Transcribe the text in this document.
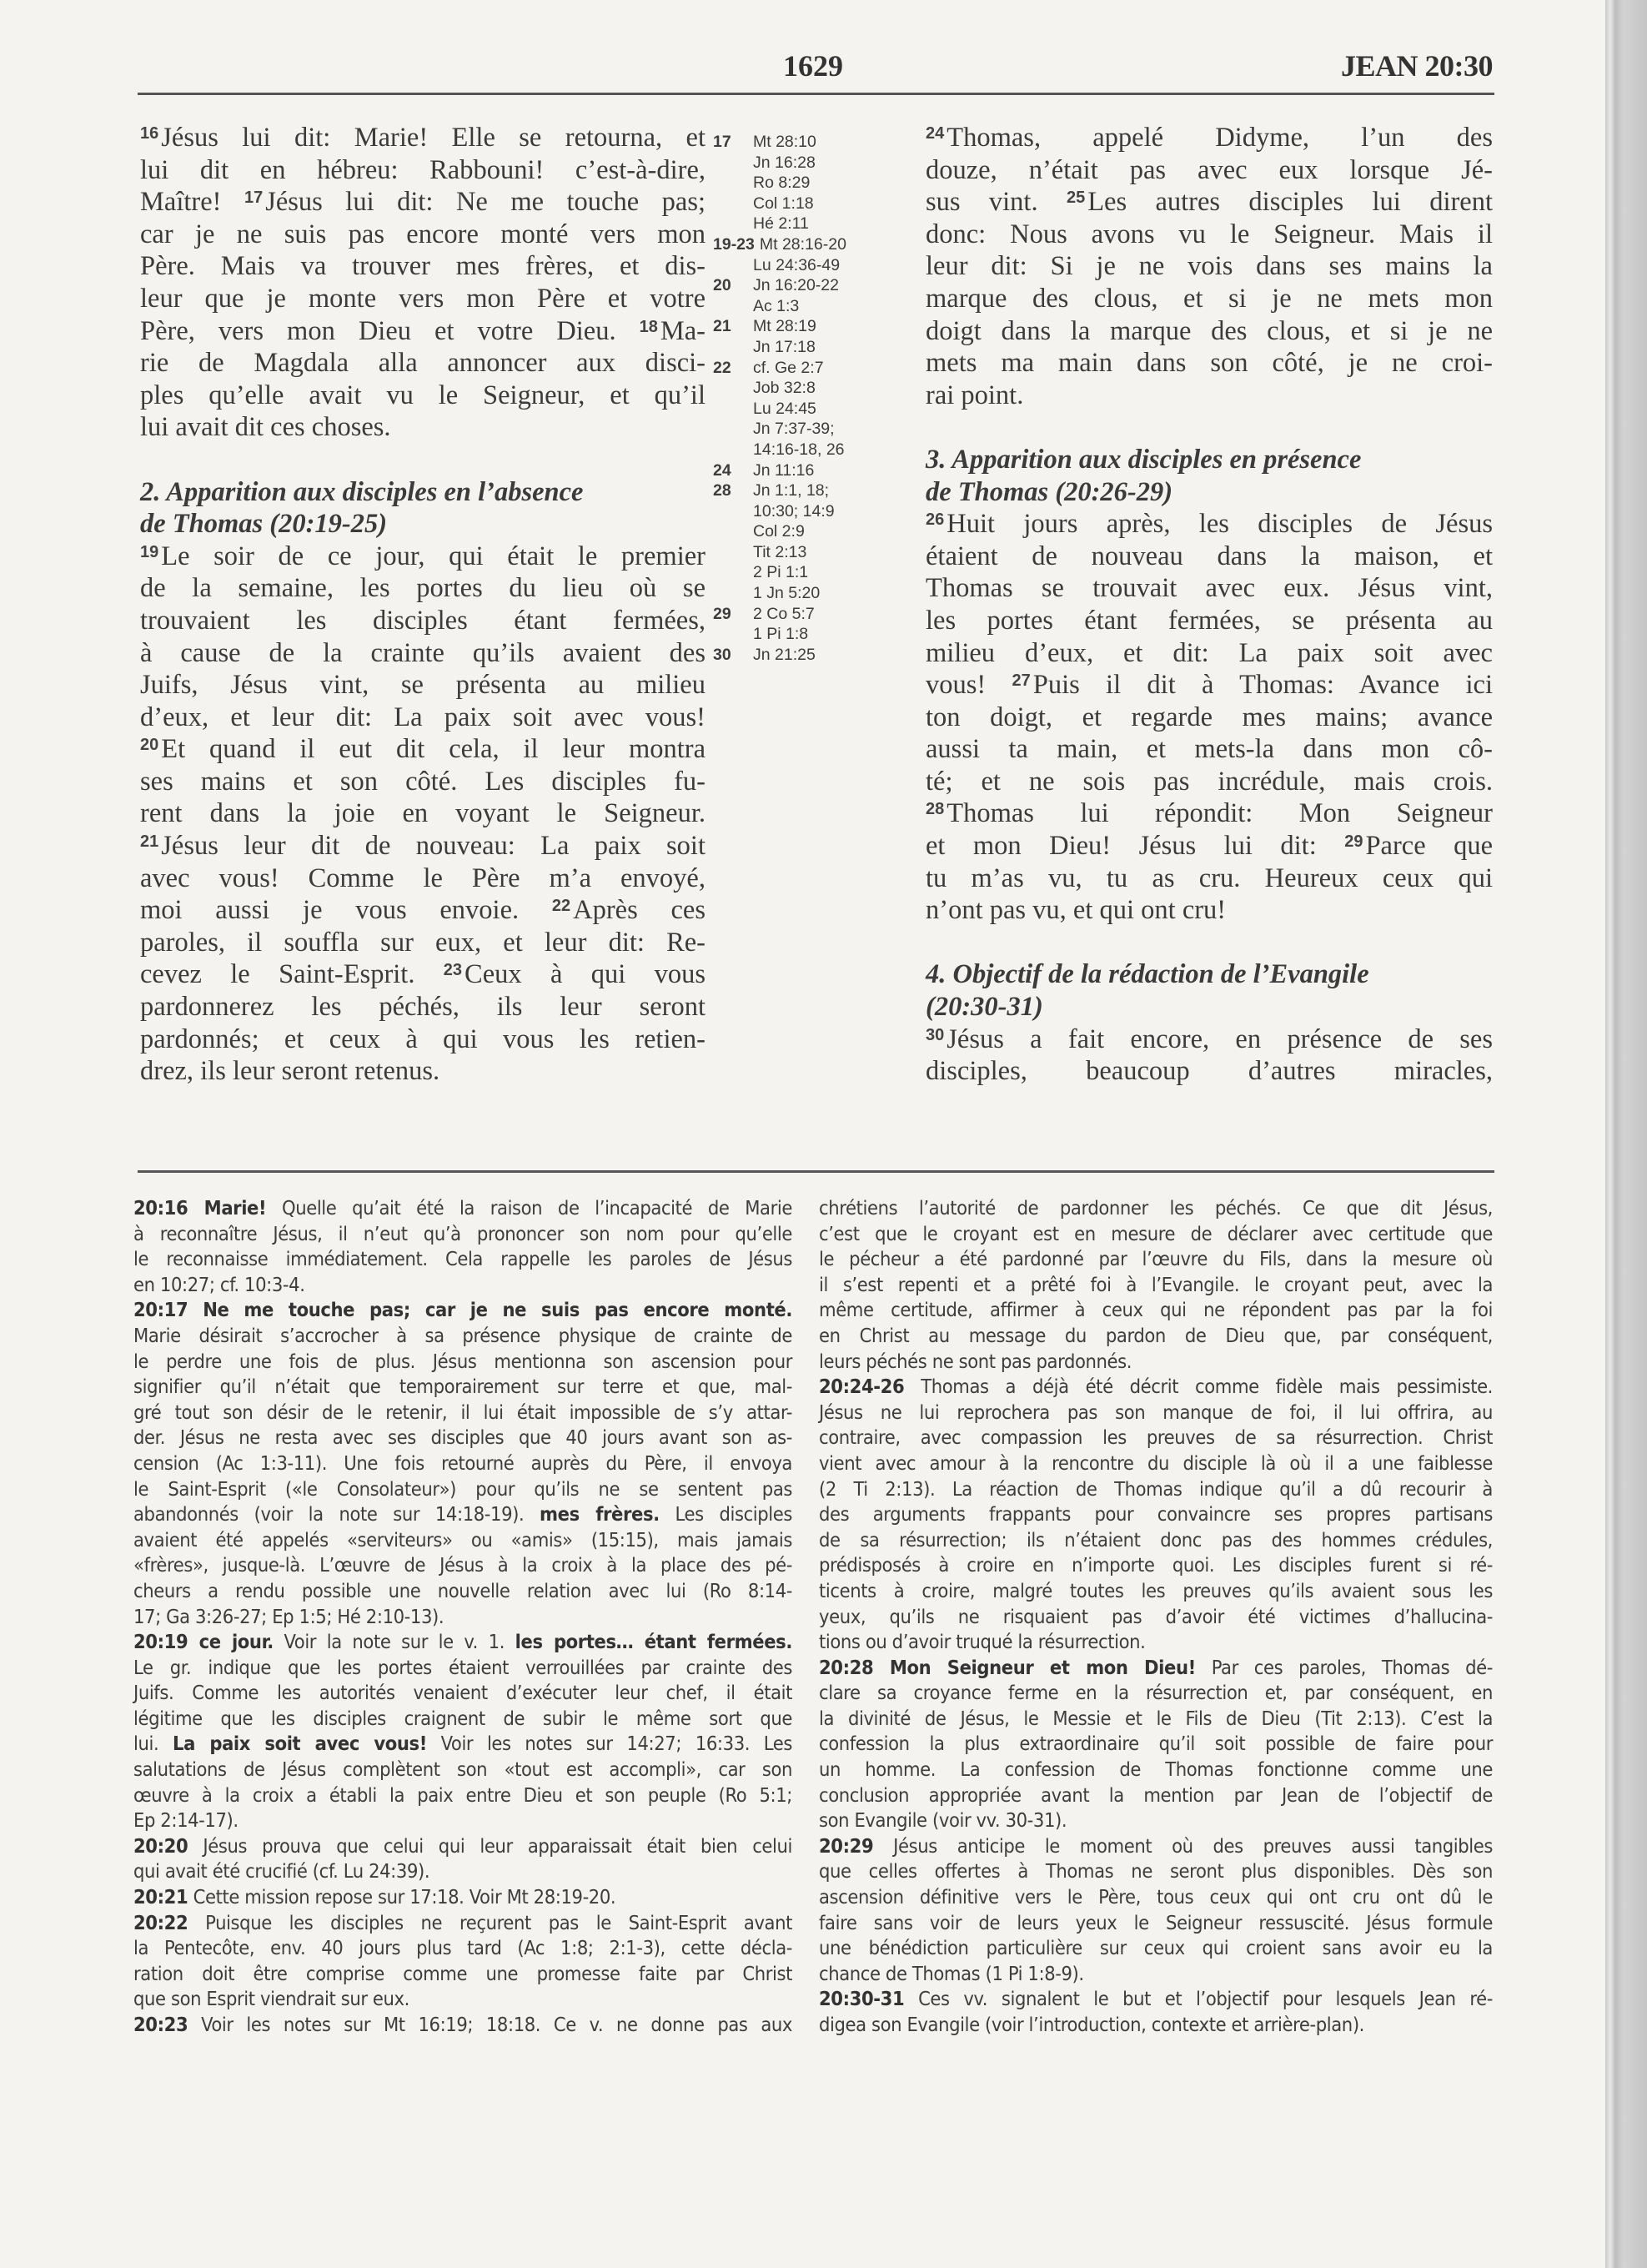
1629	JEAN 20:30
$^{16}$Jésus lui dit: Marie! Elle se retourna, et
lui dit en hébreu: Rabbouni! c’est-à-dire,
Maître! $^{17}$Jésus lui dit: Ne me touche pas;
car je ne suis pas encore monté vers mon
Père. Mais va trouver mes frères, et dis-
leur que je monte vers mon Père et votre
Père, vers mon Dieu et votre Dieu. $^{18}$Ma-
rie de Magdala alla annoncer aux disci-
ples qu’elle avait vu le Seigneur, et qu’il
lui avait dit ces choses.
2. Apparition aux disciples en l’absence
de Thomas (20:19-25)
$^{19}$Le soir de ce jour, qui était le premier
de la semaine, les portes du lieu où se
trouvaient les disciples étant fermées,
à cause de la crainte qu’ils avaient des
Juifs, Jésus vint, se présenta au milieu
d’eux, et leur dit: La paix soit avec vous!
$^{20}$Et quand il eut dit cela, il leur montra
ses mains et son côté. Les disciples fu-
rent dans la joie en voyant le Seigneur.
$^{21}$Jésus leur dit de nouveau: La paix soit
avec vous! Comme le Père m’a envoyé,
moi aussi je vous envoie. $^{22}$Après ces
paroles, il souffla sur eux, et leur dit: Re-
cevez le Saint-Esprit. $^{23}$Ceux à qui vous
pardonnerez les péchés, ils leur seront
pardonnés; et ceux à qui vous les retien-
drez, ils leur seront retenus.
17	Mt 28:10
Jn 16:28
Ro 8:29
Col 1:18
Hé 2:11
19-23 Mt 28:16-20
Lu 24:36-49
20	Jn 16:20-22
Ac 1:3
21	Mt 28:19
Jn 17:18
22	cf. Ge 2:7
Job 32:8
Lu 24:45
Jn 7:37-39;
14:16-18, 26
24	Jn 11:16
28	Jn 1:1, 18;
10:30; 14:9
Col 2:9
Tit 2:13
2 Pi 1:1
1 Jn 5:20
29	2 Co 5:7
1 Pi 1:8
30	Jn 21:25
$^{24}$Thomas, appelé Didyme, l’un des
douze, n’était pas avec eux lorsque Jé-
sus vint. $^{25}$Les autres disciples lui dirent
donc: Nous avons vu le Seigneur. Mais il
leur dit: Si je ne vois dans ses mains la
marque des clous, et si je ne mets mon
doigt dans la marque des clous, et si je ne
mets ma main dans son côté, je ne croi-
rai point.
3. Apparition aux disciples en présence
de Thomas (20:26-29)
$^{26}$Huit jours après, les disciples de Jésus
étaient de nouveau dans la maison, et
Thomas se trouvait avec eux. Jésus vint,
les portes étant fermées, se présenta au
milieu d’eux, et dit: La paix soit avec
vous! $^{27}$Puis il dit à Thomas: Avance ici
ton doigt, et regarde mes mains; avance
aussi ta main, et mets-la dans mon cô-
té; et ne sois pas incrédule, mais crois.
$^{28}$Thomas lui répondit: Mon Seigneur
et mon Dieu! Jésus lui dit: $^{29}$Parce que
tu m’as vu, tu as cru. Heureux ceux qui
n’ont pas vu, et qui ont cru!
4. Objectif de la rédaction de l’Evangile
(20:30-31)
$^{30}$Jésus a fait encore, en présence de ses
disciples, beaucoup d’autres miracles,
20:16 Marie! Quelle qu’ait été la raison de l’incapacité de Marie
à reconnaître Jésus, il n’eut qu’à prononcer son nom pour qu’elle
le reconnaisse immédiatement. Cela rappelle les paroles de Jésus
en 10:27; cf. 10:3-4.
20:17 Ne me touche pas; car je ne suis pas encore monté.
Marie désirait s’accrocher à sa présence physique de crainte de
le perdre une fois de plus. Jésus mentionna son ascension pour
signifier qu’il n’était que temporairement sur terre et que, mal-
gré tout son désir de le retenir, il lui était impossible de s’y attar-
der. Jésus ne resta avec ses disciples que 40 jours avant son as-
cension (Ac 1:3-11). Une fois retourné auprès du Père, il envoya
le Saint-Esprit («le Consolateur») pour qu’ils ne se sentent pas
abandonnés (voir la note sur 14:18-19). mes frères. Les disciples
avaient été appelés «serviteurs» ou «amis» (15:15), mais jamais
«frères», jusque-là. L’œuvre de Jésus à la croix à la place des pé-
cheurs a rendu possible une nouvelle relation avec lui (Ro 8:14-
17; Ga 3:26-27; Ep 1:5; Hé 2:10-13).
20:19 ce jour. Voir la note sur le v. 1. les portes… étant fermées.
Le gr. indique que les portes étaient verrouillées par crainte des
Juifs. Comme les autorités venaient d’exécuter leur chef, il était
légitime que les disciples craignent de subir le même sort que
lui. La paix soit avec vous! Voir les notes sur 14:27; 16:33. Les
salutations de Jésus complètent son «tout est accompli», car son
œuvre à la croix a établi la paix entre Dieu et son peuple (Ro 5:1;
Ep 2:14-17).
20:20 Jésus prouva que celui qui leur apparaissait était bien celui
qui avait été crucifié (cf. Lu 24:39).
20:21 Cette mission repose sur 17:18. Voir Mt 28:19-20.
20:22 Puisque les disciples ne reçurent pas le Saint-Esprit avant
la Pentecôte, env. 40 jours plus tard (Ac 1:8; 2:1-3), cette décla-
ration doit être comprise comme une promesse faite par Christ
que son Esprit viendrait sur eux.
20:23 Voir les notes sur Mt 16:19; 18:18. Ce v. ne donne pas aux
chrétiens l’autorité de pardonner les péchés. Ce que dit Jésus,
c’est que le croyant est en mesure de déclarer avec certitude que
le pécheur a été pardonné par l’œuvre du Fils, dans la mesure où
il s’est repenti et a prêté foi à l’Evangile. le croyant peut, avec la
même certitude, affirmer à ceux qui ne répondent pas par la foi
en Christ au message du pardon de Dieu que, par conséquent,
leurs péchés ne sont pas pardonnés.
20:24-26 Thomas a déjà été décrit comme fidèle mais pessimiste.
Jésus ne lui reprochera pas son manque de foi, il lui offrira, au
contraire, avec compassion les preuves de sa résurrection. Christ
vient avec amour à la rencontre du disciple là où il a une faiblesse
(2 Ti 2:13). La réaction de Thomas indique qu’il a dû recourir à
des arguments frappants pour convaincre ses propres partisans
de sa résurrection; ils n’étaient donc pas des hommes crédules,
prédisposés à croire en n’importe quoi. Les disciples furent si ré-
ticents à croire, malgré toutes les preuves qu’ils avaient sous les
yeux, qu’ils ne risquaient pas d’avoir été victimes d’hallucina-
tions ou d’avoir truqué la résurrection.
20:28 Mon Seigneur et mon Dieu! Par ces paroles, Thomas dé-
clare sa croyance ferme en la résurrection et, par conséquent, en
la divinité de Jésus, le Messie et le Fils de Dieu (Tit 2:13). C’est la
confession la plus extraordinaire qu’il soit possible de faire pour
un homme. La confession de Thomas fonctionne comme une
conclusion appropriée avant la mention par Jean de l’objectif de
son Evangile (voir vv. 30-31).
20:29 Jésus anticipe le moment où des preuves aussi tangibles
que celles offertes à Thomas ne seront plus disponibles. Dès son
ascension définitive vers le Père, tous ceux qui ont cru ont dû le
faire sans voir de leurs yeux le Seigneur ressuscité. Jésus formule
une bénédiction particulière sur ceux qui croient sans avoir eu la
chance de Thomas (1 Pi 1:8-9).
20:30-31 Ces vv. signalent le but et l’objectif pour lesquels Jean ré-
digea son Evangile (voir l’introduction, contexte et arrière-plan).
